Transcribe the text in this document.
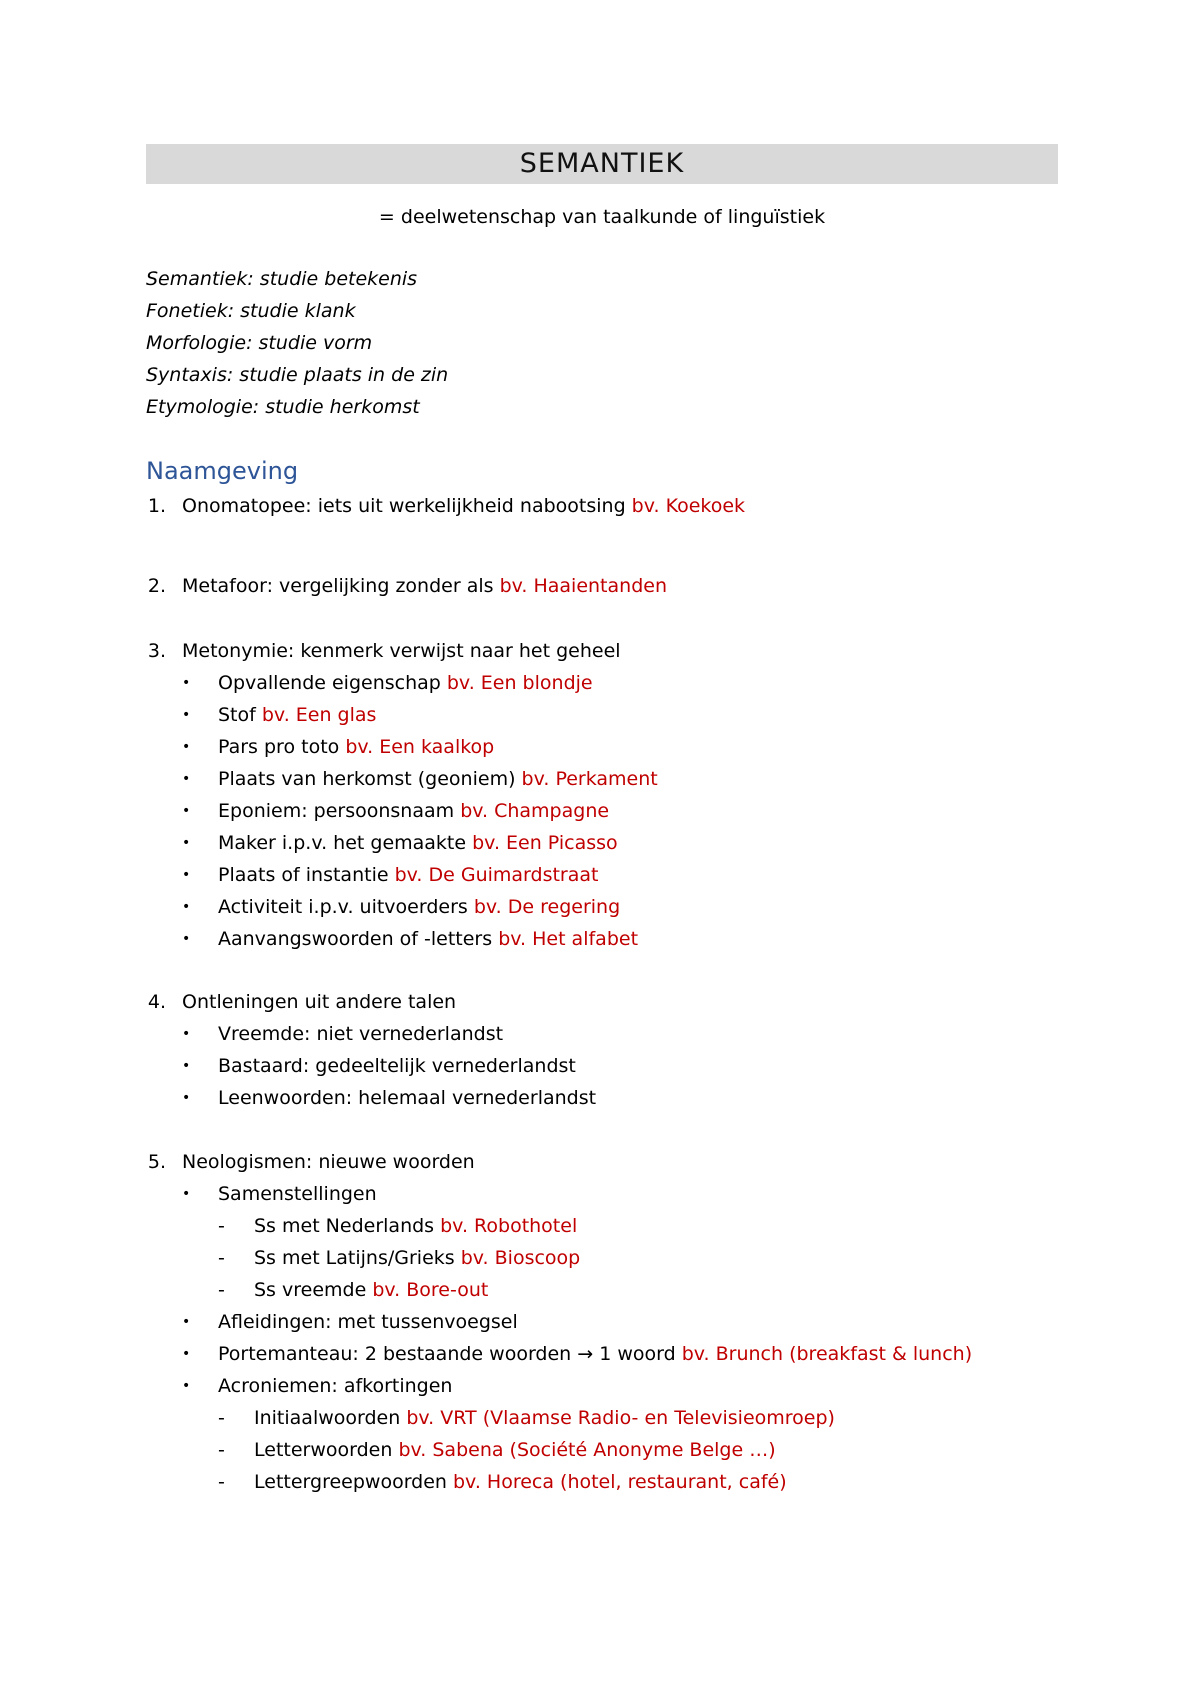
SEMANTIEK
= deelwetenschap van taalkunde of linguïstiek
Semantiek: studie betekenis
Fonetiek: studie klank
Morfologie: studie vorm
Syntaxis: studie plaats in de zin
Etymologie: studie herkomst
Naamgeving
1. Onomatopee: iets uit werkelijkheid nabootsing bv. Koekoek
2. Metafoor: vergelijking zonder als bv. Haaientanden
3. Metonymie: kenmerk verwijst naar het geheel
• Opvallende eigenschap bv. Een blondje
• Stof bv. Een glas
• Pars pro toto bv. Een kaalkop
• Plaats van herkomst (geoniem) bv. Perkament
• Eponiem: persoonsnaam bv. Champagne
• Maker i.p.v. het gemaakte bv. Een Picasso
• Plaats of instantie bv. De Guimardstraat
• Activiteit i.p.v. uitvoerders bv. De regering
• Aanvangswoorden of -letters bv. Het alfabet
4. Ontleningen uit andere talen
• Vreemde: niet vernederlandst
• Bastaard: gedeeltelijk vernederlandst
• Leenwoorden: helemaal vernederlandst
5. Neologismen: nieuwe woorden
• Samenstellingen
- Ss met Nederlands bv. Robothotel
- Ss met Latijns/Grieks bv. Bioscoop
- Ss vreemde bv. Bore-out
• Afleidingen: met tussenvoegsel
• Portemanteau: 2 bestaande woorden → 1 woord bv. Brunch (breakfast & lunch)
• Acroniemen: afkortingen
- Initiaalwoorden bv. VRT (Vlaamse Radio- en Televisieomroep)
- Letterwoorden bv. Sabena (Société Anonyme Belge …)
- Lettergreepwoorden bv. Horeca (hotel, restaurant, café)
